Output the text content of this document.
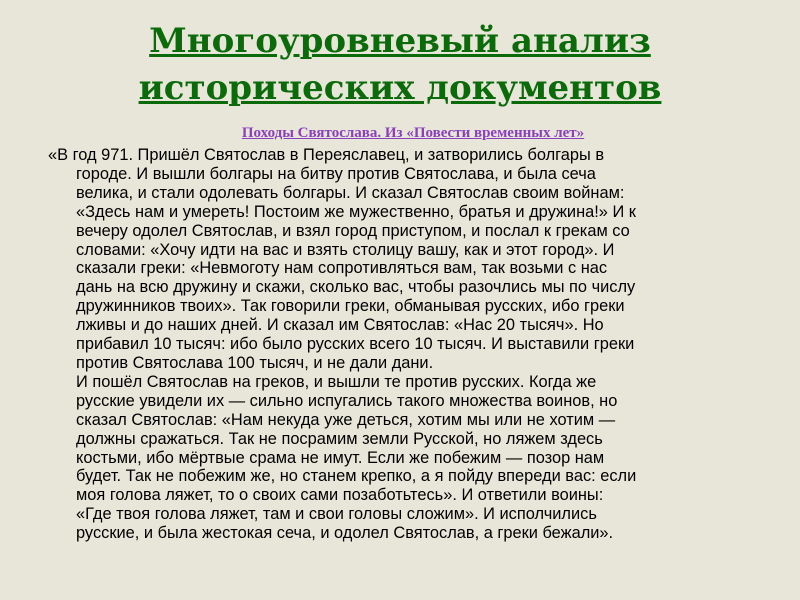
Многоуровневый анализ
исторических документов
Походы Святослава. Из «Повести временных лет»

«В год 971. Пришёл Святослав в Переяславец, и затворились болгары в
городе. И вышли болгары на битву против Святослава, и была сеча
велика, и стали одолевать болгары. И сказал Святослав своим войнам:
«Здесь нам и умереть! Постоим же мужественно, братья и дружина!» И к
вечеру одолел Святослав, и взял город приступом, и послал к грекам со
словами: «Хочу идти на вас и взять столицу вашу, как и этот город». И
сказали греки: «Невмоготу нам сопротивляться вам, так возьми с нас
дань на всю дружину и скажи, сколько вас, чтобы разочлись мы по числу
дружинников твоих». Так говорили греки, обманывая русских, ибо греки
лживы и до наших дней. И сказал им Святослав: «Нас 20 тысяч». Но
прибавил 10 тысяч: ибо было русских всего 10 тысяч. И выставили греки
против Святослава 100 тысяч, и не дали дани.

И пошёл Святослав на греков, и вышли те против русских. Когда же
русские увидели их — сильно испугались такого множества воинов, но
сказал Святослав: «Нам некуда уже деться, хотим мы или не хотим —
должны сражаться. Так не посрамим земли Русской, но ляжем здесь
костьми, ибо мёртвые срама не имут. Если же побежим — позор нам
будет. Так не побежим же, но станем крепко, а я пойду впереди вас: если
моя голова ляжет, то о своих сами позаботьтесь». И ответили воины:
«Где твоя голова ляжет, там и свои головы сложим». И исполчились
русские, и была жестокая сеча, и одолел Святослав, а греки бежали».
